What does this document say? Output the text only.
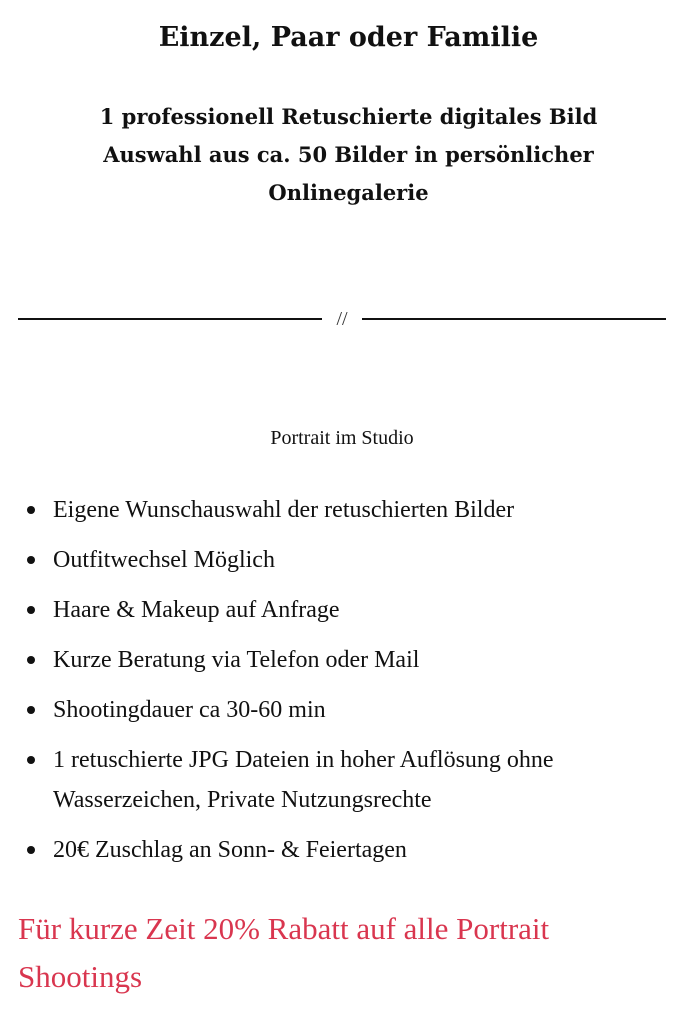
Einzel, Paar oder Familie
1 professionell Retuschierte digitales Bild
Auswahl aus ca. 50 Bilder in persönlicher
Onlinegalerie
//

Portrait im Studio

Eigene Wunschauswahl der retuschierten Bilder
Outfitwechsel Möglich
Haare & Makeup auf Anfrage
Kurze Beratung via Telefon oder Mail
Shootingdauer ca 30-60 min
1 retuschierte JPG Dateien in hoher Auflösung ohne Wasserzeichen, Private Nutzungsrechte
20€ Zuschlag an Sonn- & Feiertagen

Für kurze Zeit 20% Rabatt auf alle Portrait Shootings
